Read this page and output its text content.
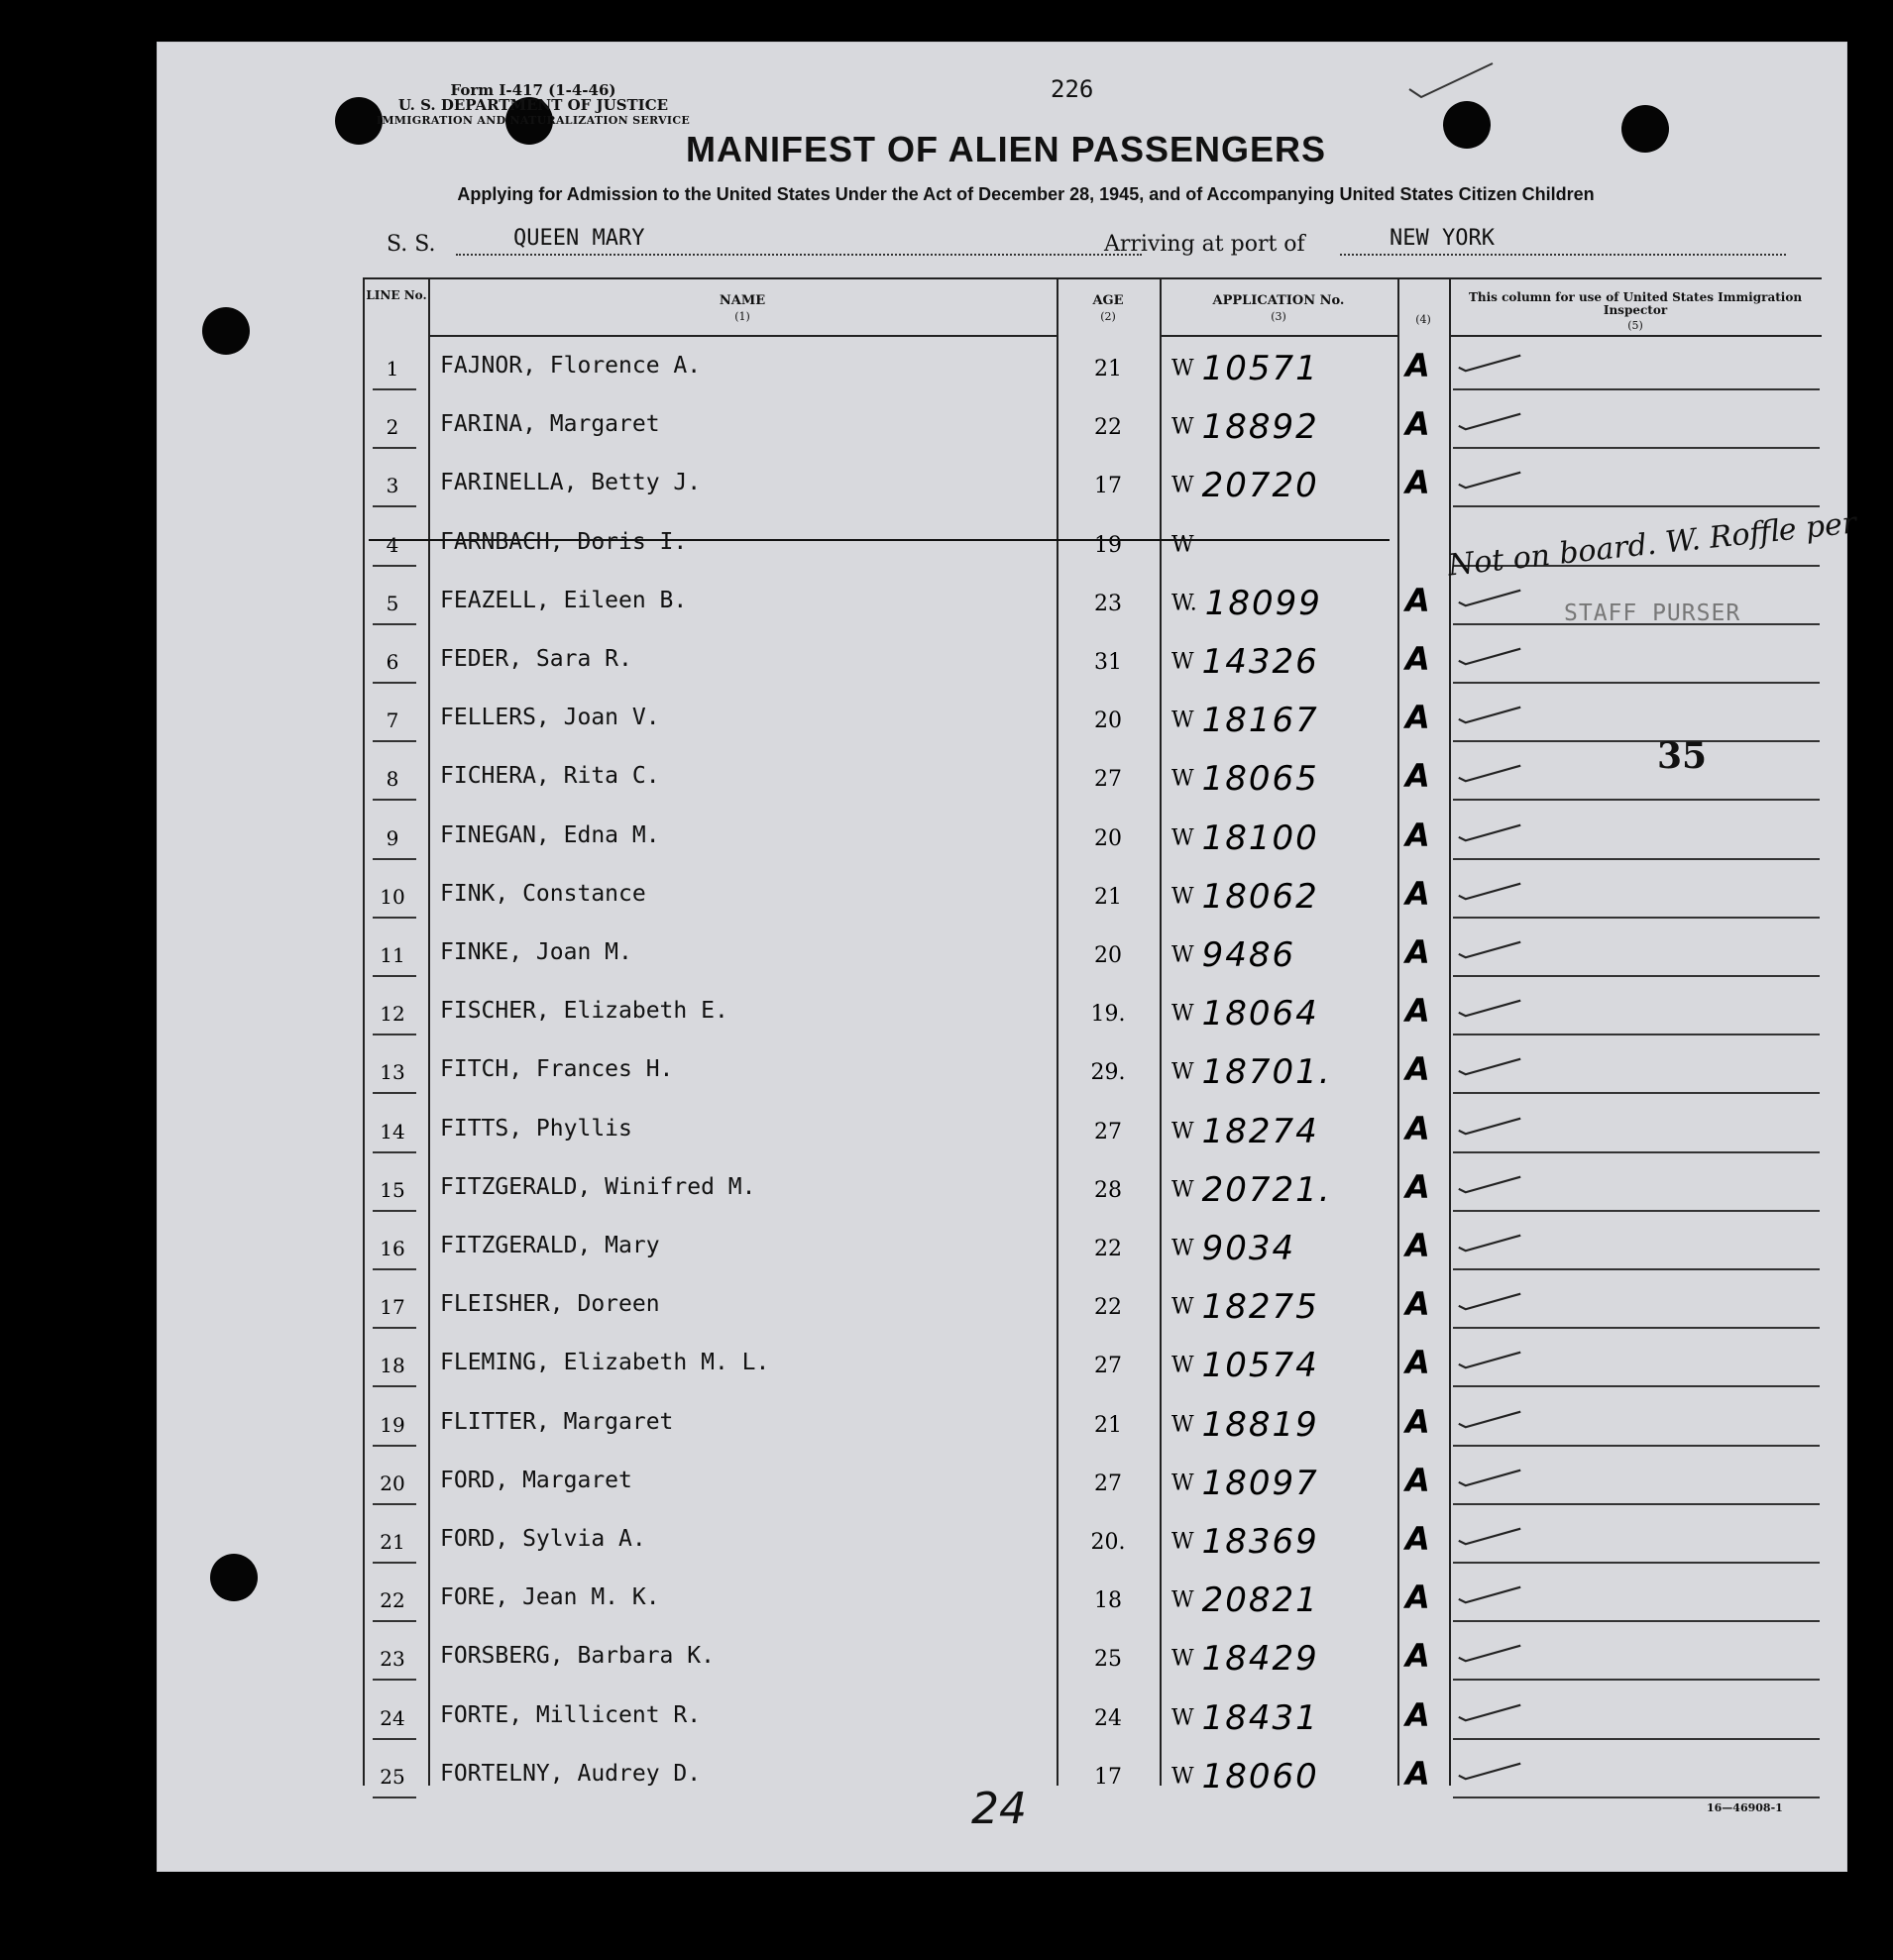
Form I-417 (1-4-46)
U. S. DEPARTMENT OF JUSTICE
IMMIGRATION AND NATURALIZATION SERVICE
226
MANIFEST OF ALIEN PASSENGERS
Applying for Admission to the United States Under the Act of December 28, 1945, and of Accompanying United States Citizen Children
S. S.	QUEEN MARY	Arriving at port of	NEW YORK
LINE No.	NAME
(1)
AGE
(2)
APPLICATION No.
(3)	(4)
This column for use of United States Immigration Inspector
(5)
1	FAJNOR, Florence A.	21	W 10571	A
2	FARINA, Margaret	22	W 18892	A
3	FARINELLA, Betty J.	17	W 20720	A
4	FARNBACH, Doris I.	19	W
5	FEAZELL, Eileen B.	23	W. 18099	A
6	FEDER, Sara R.	31	W 14326	A
7	FELLERS, Joan V.	20	W 18167	A
8	FICHERA, Rita C.	27	W 18065	A
9	FINEGAN, Edna M.	20	W 18100	A
10	FINK, Constance	21	W 18062	A
11	FINKE, Joan M.	20	W 9486	A
12	FISCHER, Elizabeth E.	19.	W 18064	A
13	FITCH, Frances H.	29.	W 18701. A
14	FITTS, Phyllis	27	W 18274	A
15	FITZGERALD, Winifred M.	28	W 20721. A
16	FITZGERALD, Mary	22	W 9034	A
17	FLEISHER, Doreen	22	W 18275	A
18	FLEMING, Elizabeth M. L.	27	W 10574	A
19	FLITTER, Margaret	21	W 18819	A
20	FORD, Margaret	27	W 18097	A
21	FORD, Sylvia A.	20.	W 18369	A
22	FORE, Jean M. K.	18	W 20821	A
23	FORSBERG, Barbara K.	25	W 18429	A
24	FORTE, Millicent R.	24	W 18431	A
25	FORTELNY, Audrey D.	17	W 18060	A
Not on board. W. Roffle per
STAFF PURSER
35
16—46908-1
24
